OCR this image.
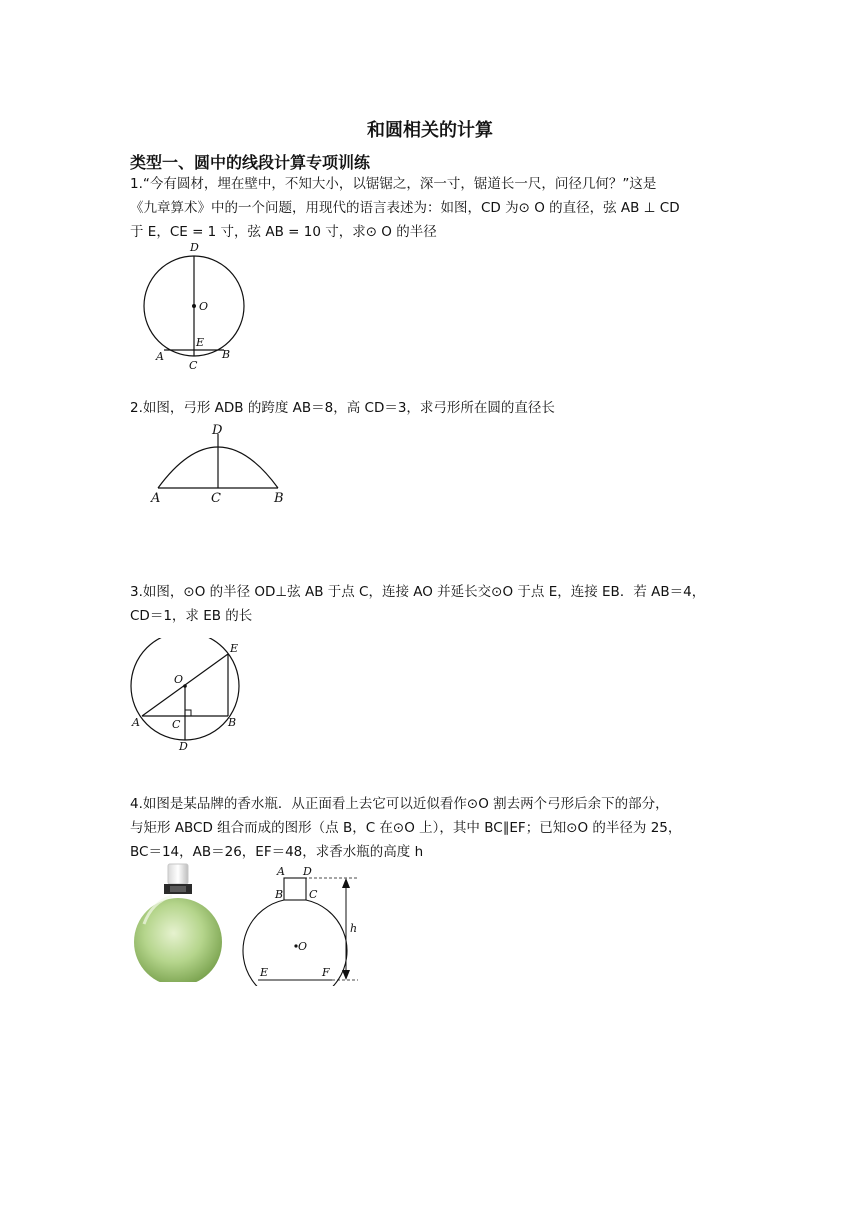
和圆相关的计算
类型一、圆中的线段计算专项训练
1.“今有圆材，埋在壁中，不知大小，以锯锯之，深一寸，锯道长一尺，问径几何？”这是
《九章算术》中的一个问题，用现代的语言表述为：如图，CD 为⊙ O 的直径，弦 AB ⊥ CD
于 E，CE = 1 寸，弦 AB = 10 寸，求⊙ O 的半径
D
O
E
A	B
C
2.如图，弓形 ADB 的跨度 AB＝8，高 CD＝3，求弓形所在圆的直径长
D
A	C	B
3.如图，⊙O 的半径 OD⊥弦 AB 于点 C，连接 AO 并延长交⊙O 于点 E，连接 EB．若 AB＝4，
CD＝1，求 EB 的长
O
E
A	C	B
D
4.如图是某品牌的香水瓶．从正面看上去它可以近似看作⊙O 割去两个弓形后余下的部分，
与矩形 ABCD 组合而成的图形（点 B，C 在⊙O 上），其中 BC∥EF；已知⊙O 的半径为 25，
BC＝14，AB＝26，EF＝48，求香水瓶的高度 h
A D
B C
O
h
E	F
